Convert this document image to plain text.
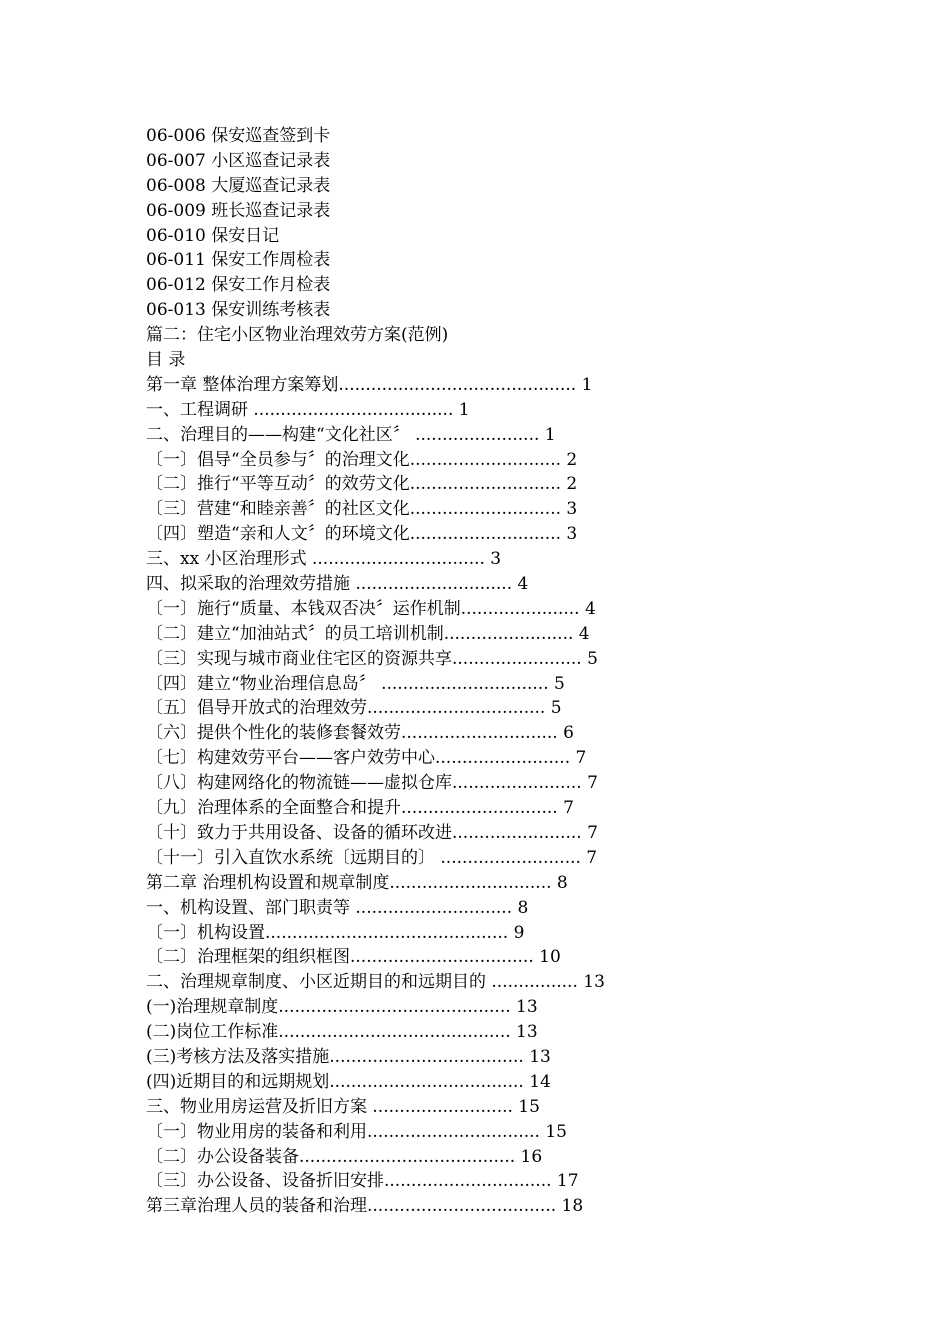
06-006 保安巡查签到卡
06-007 小区巡查记录表
06-008 大厦巡查记录表
06-009 班长巡查记录表
06-010 保安日记
06-011 保安工作周检表
06-012 保安工作月检表
06-013 保安训练考核表
篇二：住宅小区物业治理效劳方案(范例)
目 录
第一章 整体治理方案筹划............................................ 1
一、工程调研 ..................................... 1
二、治理目的——构建“文化社区〞 ....................... 1
〔一〕倡导“全员参与〞的治理文化............................ 2
〔二〕推行“平等互动〞的效劳文化............................ 2
〔三〕营建“和睦亲善〞的社区文化............................ 3
〔四〕塑造“亲和人文〞的环境文化............................ 3
三、xx 小区治理形式 ................................ 3
四、拟采取的治理效劳措施 ............................. 4
〔一〕施行“质量、本钱双否决〞运作机制...................... 4
〔二〕建立“加油站式〞的员工培训机制........................ 4
〔三〕实现与城市商业住宅区的资源共享........................ 5
〔四〕建立“物业治理信息岛〞 ............................... 5
〔五〕倡导开放式的治理效劳................................. 5
〔六〕提供个性化的装修套餐效劳............................. 6
〔七〕构建效劳平台——客户效劳中心......................... 7
〔八〕构建网络化的物流链——虚拟仓库........................ 7
〔九〕治理体系的全面整合和提升............................. 7
〔十〕致力于共用设备、设备的循环改进........................ 7
〔十一〕引入直饮水系统〔远期目的〕 .......................... 7
第二章 治理机构设置和规章制度.............................. 8
一、机构设置、部门职责等 ............................. 8
〔一〕机构设置............................................. 9
〔二〕治理框架的组织框图.................................. 10
二、治理规章制度、小区近期目的和远期目的 ................ 13
(一)治理规章制度........................................... 13
(二)岗位工作标准........................................... 13
(三)考核方法及落实措施.................................... 13
(四)近期目的和远期规划.................................... 14
三、物业用房运营及折旧方案 .......................... 15
〔一〕物业用房的装备和利用................................ 15
〔二〕办公设备装备........................................ 16
〔三〕办公设备、设备折旧安排............................... 17
第三章治理人员的装备和治理................................... 18
